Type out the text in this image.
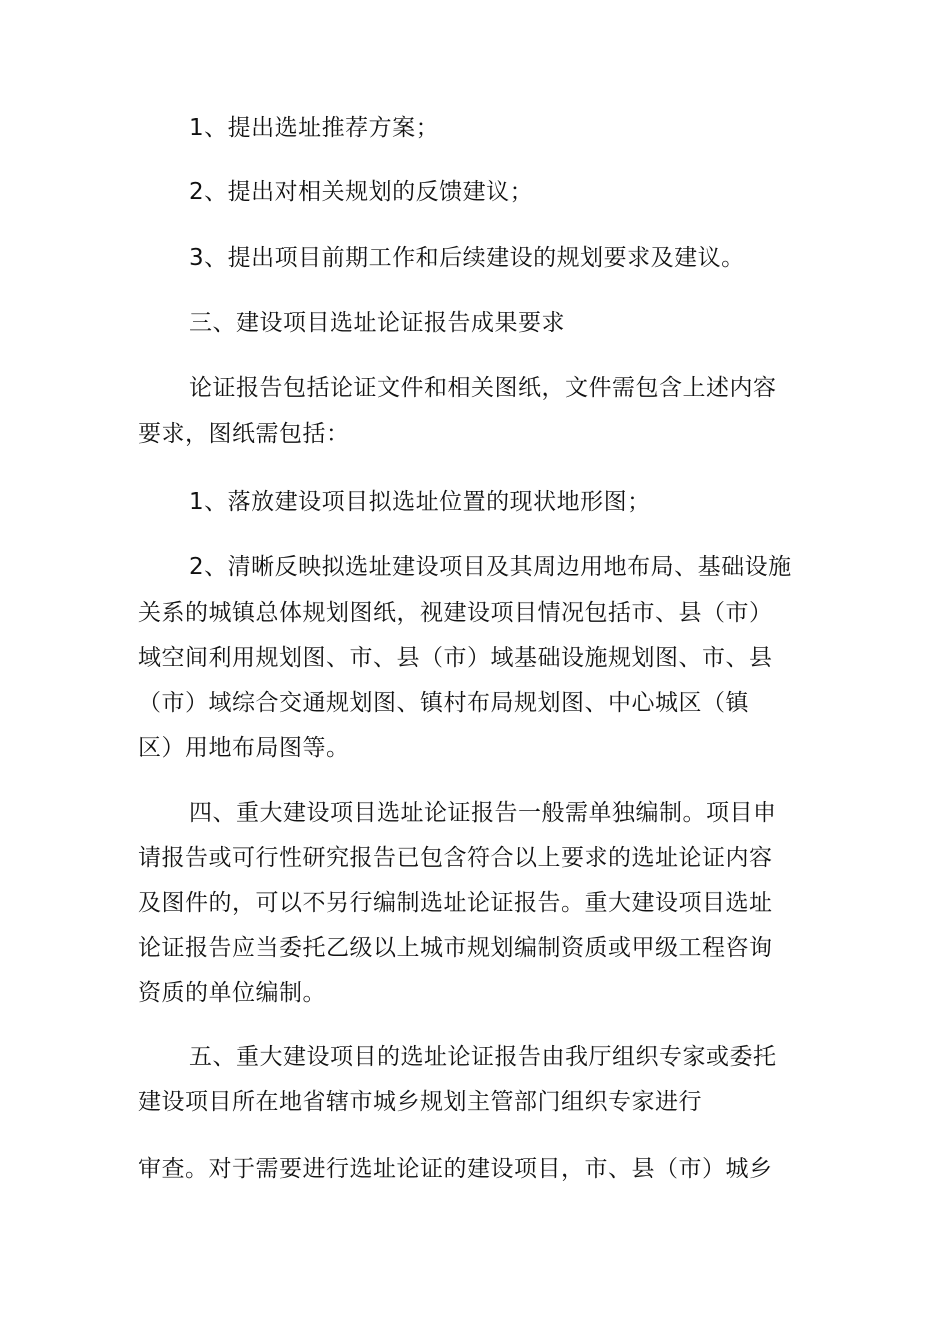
1、提出选址推荐方案；
2、提出对相关规划的反馈建议；
3、提出项目前期工作和后续建设的规划要求及建议。
三、建设项目选址论证报告成果要求
论证报告包括论证文件和相关图纸，文件需包含上述内容
要求，图纸需包括：
1、落放建设项目拟选址位置的现状地形图；
2、清晰反映拟选址建设项目及其周边用地布局、基础设施
关系的城镇总体规划图纸，视建设项目情况包括市、县（市）
域空间利用规划图、市、县（市）域基础设施规划图、市、县
（市）域综合交通规划图、镇村布局规划图、中心城区（镇
区）用地布局图等。
四、重大建设项目选址论证报告一般需单独编制。项目申
请报告或可行性研究报告已包含符合以上要求的选址论证内容
及图件的，可以不另行编制选址论证报告。重大建设项目选址
论证报告应当委托乙级以上城市规划编制资质或甲级工程咨询
资质的单位编制。
五、重大建设项目的选址论证报告由我厅组织专家或委托
建设项目所在地省辖市城乡规划主管部门组织专家进行
审查。对于需要进行选址论证的建设项目，市、县（市）城乡
